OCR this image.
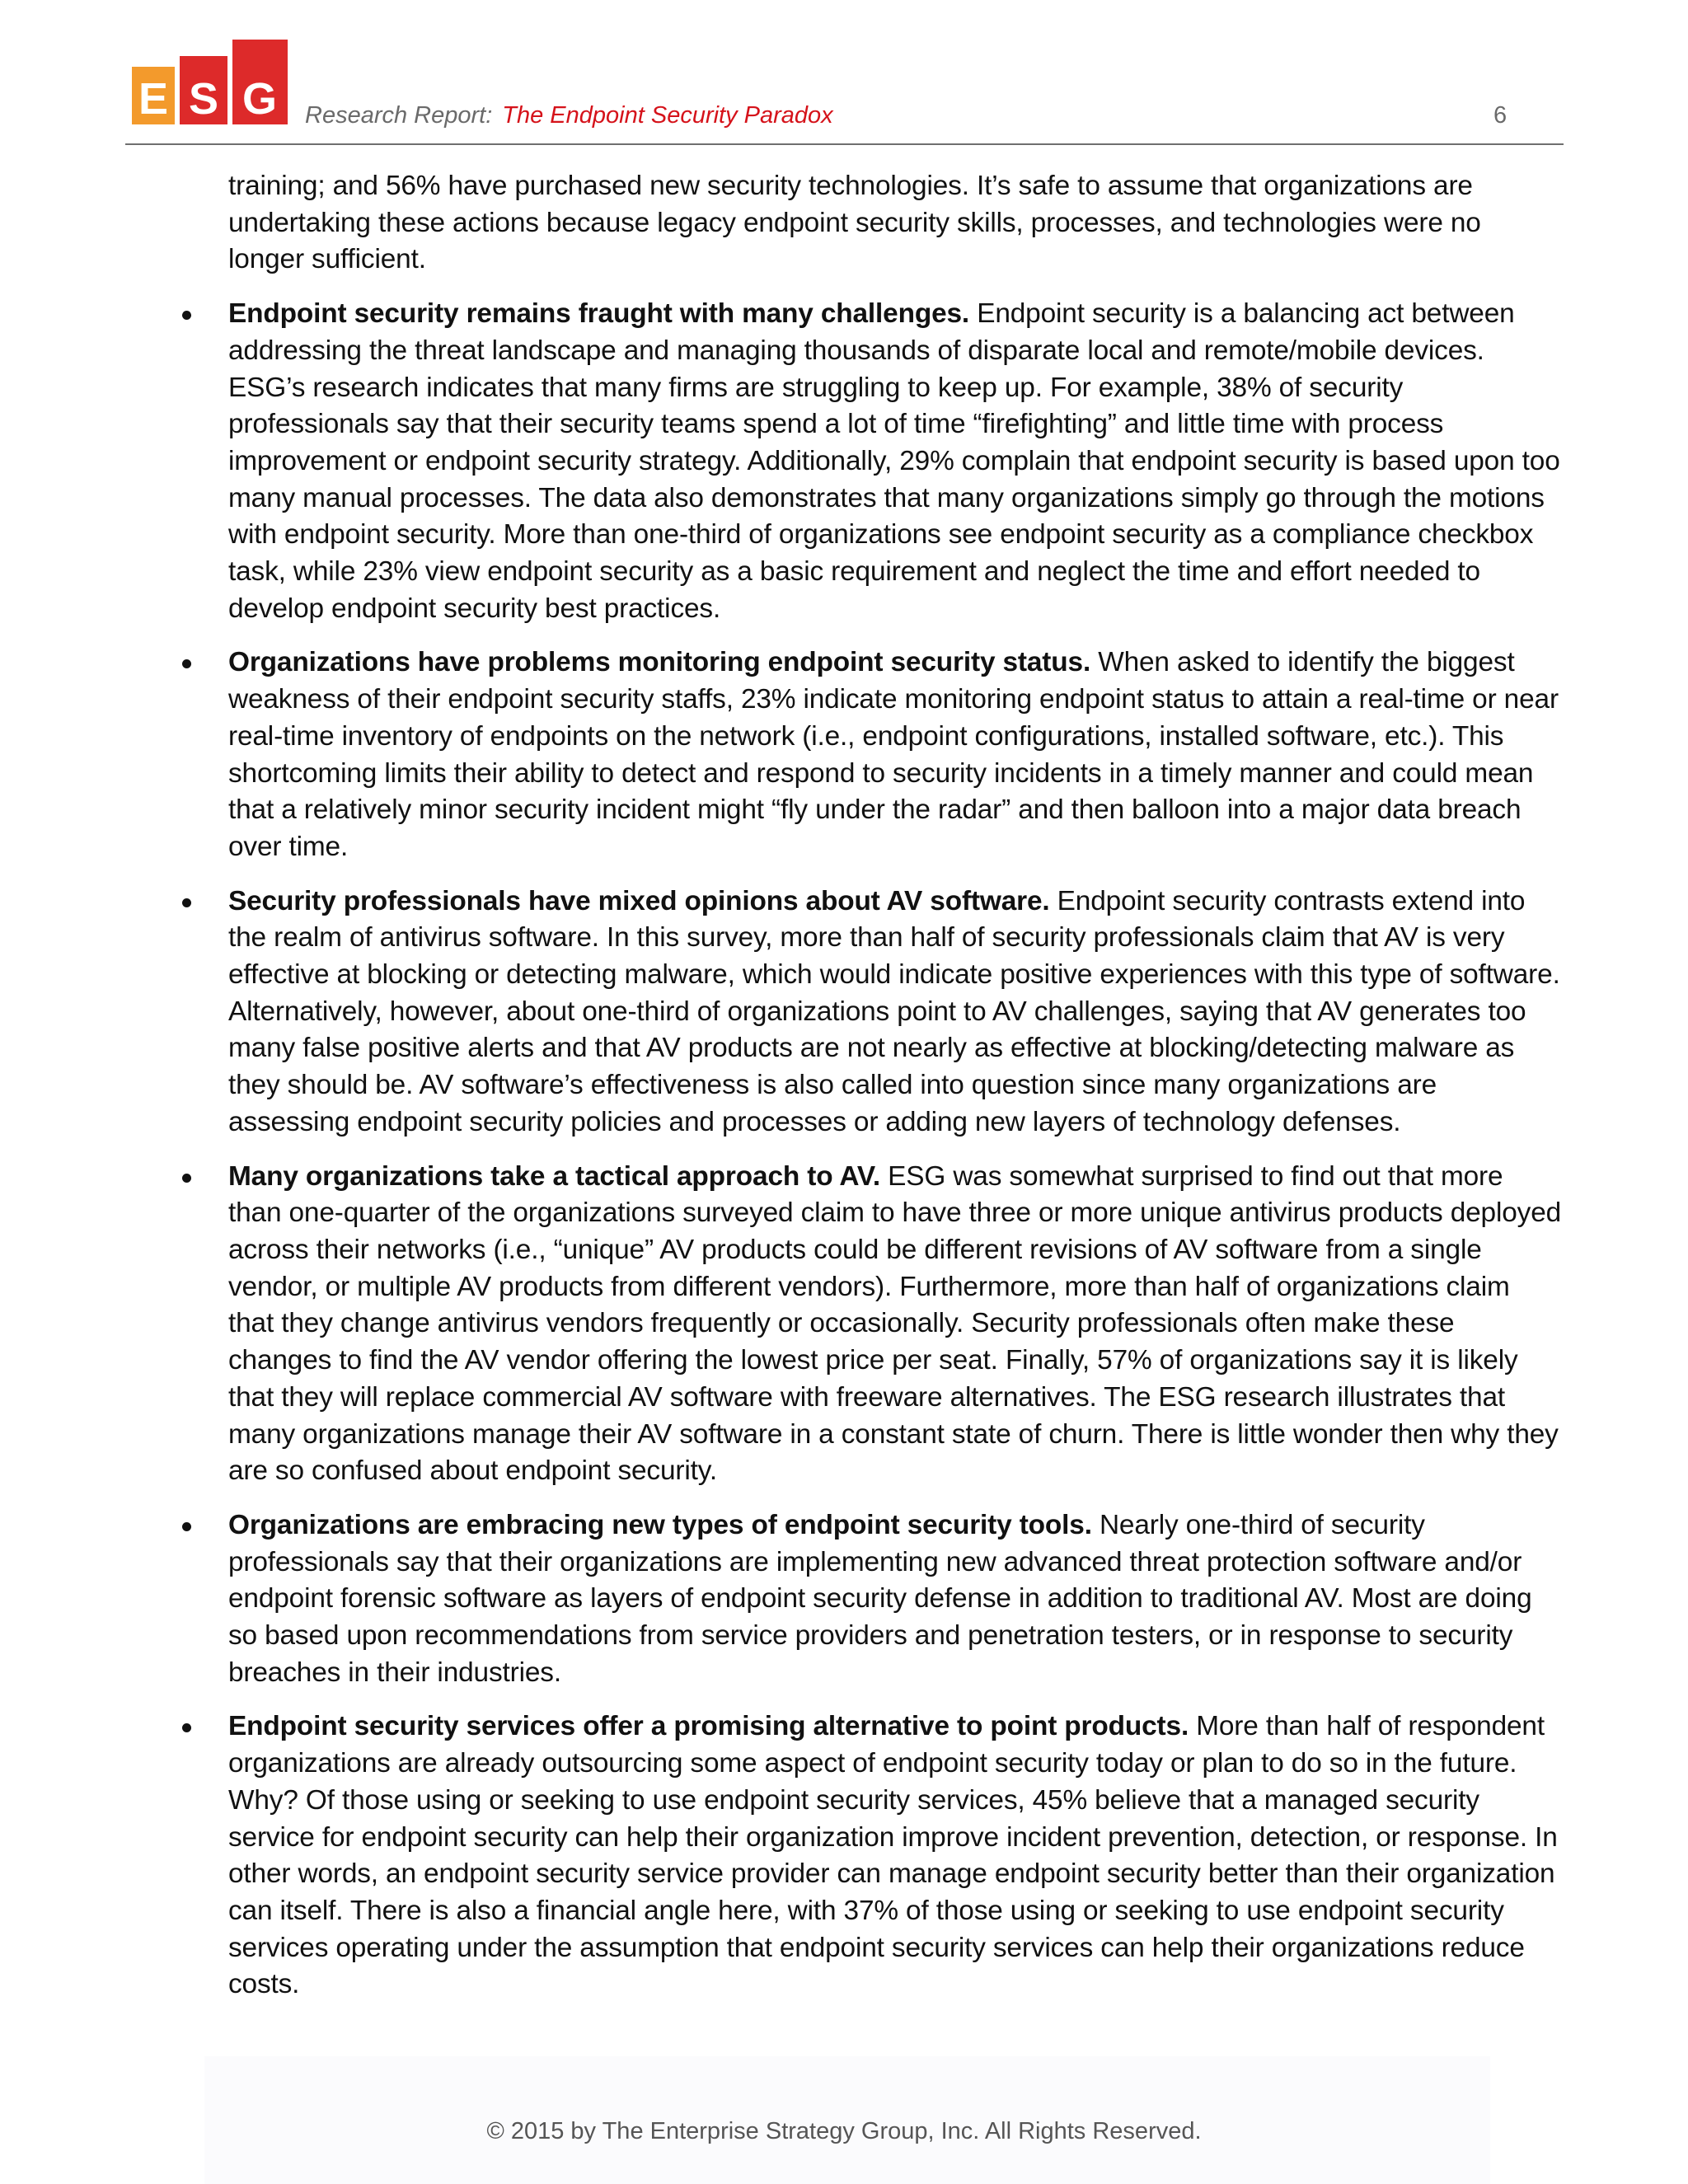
E S G Research Report: The Endpoint Security Paradox	6

training; and 56% have purchased new security technologies. It’s safe to assume that organizations are undertaking these actions because legacy endpoint security skills, processes, and technologies were no longer sufficient.

Endpoint security remains fraught with many challenges. Endpoint security is a balancing act between addressing the threat landscape and managing thousands of disparate local and remote/mobile devices. ESG’s research indicates that many firms are struggling to keep up. For example, 38% of security professionals say that their security teams spend a lot of time “firefighting” and little time with process improvement or endpoint security strategy. Additionally, 29% complain that endpoint security is based upon too many manual processes. The data also demonstrates that many organizations simply go through the motions with endpoint security. More than one-third of organizations see endpoint security as a compliance checkbox task, while 23% view endpoint security as a basic requirement and neglect the time and effort needed to develop endpoint security best practices.
Organizations have problems monitoring endpoint security status. When asked to identify the biggest weakness of their endpoint security staffs, 23% indicate monitoring endpoint status to attain a real-time or near real-time inventory of endpoints on the network (i.e., endpoint configurations, installed software, etc.). This shortcoming limits their ability to detect and respond to security incidents in a timely manner and could mean that a relatively minor security incident might “fly under the radar” and then balloon into a major data breach over time.
Security professionals have mixed opinions about AV software. Endpoint security contrasts extend into the realm of antivirus software. In this survey, more than half of security professionals claim that AV is very effective at blocking or detecting malware, which would indicate positive experiences with this type of software. Alternatively, however, about one-third of organizations point to AV challenges, saying that AV generates too many false positive alerts and that AV products are not nearly as effective at blocking/detecting malware as they should be. AV software’s effectiveness is also called into question since many organizations are assessing endpoint security policies and processes or adding new layers of technology defenses.
Many organizations take a tactical approach to AV. ESG was somewhat surprised to find out that more than one-quarter of the organizations surveyed claim to have three or more unique antivirus products deployed across their networks (i.e., “unique” AV products could be different revisions of AV software from a single vendor, or multiple AV products from different vendors). Furthermore, more than half of organizations claim that they change antivirus vendors frequently or occasionally. Security professionals often make these changes to find the AV vendor offering the lowest price per seat. Finally, 57% of organizations say it is likely that they will replace commercial AV software with freeware alternatives. The ESG research illustrates that many organizations manage their AV software in a constant state of churn. There is little wonder then why they are so confused about endpoint security.
Organizations are embracing new types of endpoint security tools. Nearly one-third of security professionals say that their organizations are implementing new advanced threat protection software and/or endpoint forensic software as layers of endpoint security defense in addition to traditional AV. Most are doing so based upon recommendations from service providers and penetration testers, or in response to security breaches in their industries.
Endpoint security services offer a promising alternative to point products. More than half of respondent organizations are already outsourcing some aspect of endpoint security today or plan to do so in the future. Why? Of those using or seeking to use endpoint security services, 45% believe that a managed security service for endpoint security can help their organization improve incident prevention, detection, or response. In other words, an endpoint security service provider can manage endpoint security better than their organization can itself. There is also a financial angle here, with 37% of those using or seeking to use endpoint security services operating under the assumption that endpoint security services can help their organizations reduce costs.
© 2015 by The Enterprise Strategy Group, Inc. All Rights Reserved.
